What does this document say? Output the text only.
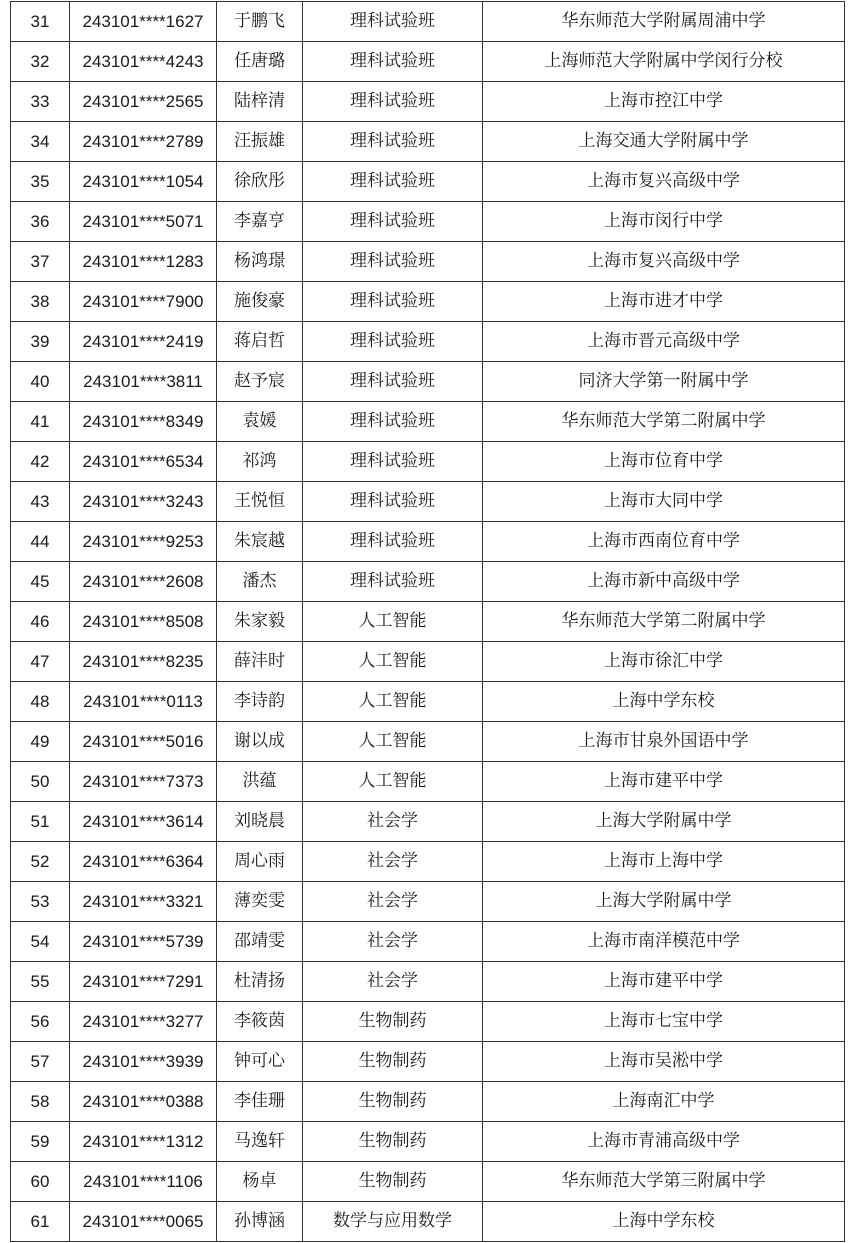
31	243101****1627	于鹏飞	理科试验班	华东师范大学附属周浦中学
32	243101****4243	任唐璐	理科试验班	上海师范大学附属中学闵行分校
33	243101****2565	陆梓清	理科试验班	上海市控江中学
34	243101****2789	汪振雄	理科试验班	上海交通大学附属中学
35	243101****1054	徐欣彤	理科试验班	上海市复兴高级中学
36	243101****5071	李嘉亨	理科试验班	上海市闵行中学
37	243101****1283	杨鸿璟	理科试验班	上海市复兴高级中学
38	243101****7900	施俊豪	理科试验班	上海市进才中学
39	243101****2419	蒋启哲	理科试验班	上海市晋元高级中学
40	243101****3811	赵予宸	理科试验班	同济大学第一附属中学
41	243101****8349	袁媛	理科试验班	华东师范大学第二附属中学
42	243101****6534	祁鸿	理科试验班	上海市位育中学
43	243101****3243	王悦恒	理科试验班	上海市大同中学
44	243101****9253	朱宸越	理科试验班	上海市西南位育中学
45	243101****2608	潘杰	理科试验班	上海市新中高级中学
46	243101****8508	朱家毅	人工智能	华东师范大学第二附属中学
47	243101****8235	薛沣时	人工智能	上海市徐汇中学
48	243101****0113	李诗韵	人工智能	上海中学东校
49	243101****5016	谢以成	人工智能	上海市甘泉外国语中学
50	243101****7373	洪蕴	人工智能	上海市建平中学
51	243101****3614	刘晓晨	社会学	上海大学附属中学
52	243101****6364	周心雨	社会学	上海市上海中学
53	243101****3321	薄奕雯	社会学	上海大学附属中学
54	243101****5739	邵靖雯	社会学	上海市南洋模范中学
55	243101****7291	杜清扬	社会学	上海市建平中学
56	243101****3277	李筱茵	生物制药	上海市七宝中学
57	243101****3939	钟可心	生物制药	上海市吴淞中学
58	243101****0388	李佳珊	生物制药	上海南汇中学
59	243101****1312	马逸轩	生物制药	上海市青浦高级中学
60	243101****1106	杨卓	生物制药	华东师范大学第三附属中学
61	243101****0065	孙博涵	数学与应用数学	上海中学东校
